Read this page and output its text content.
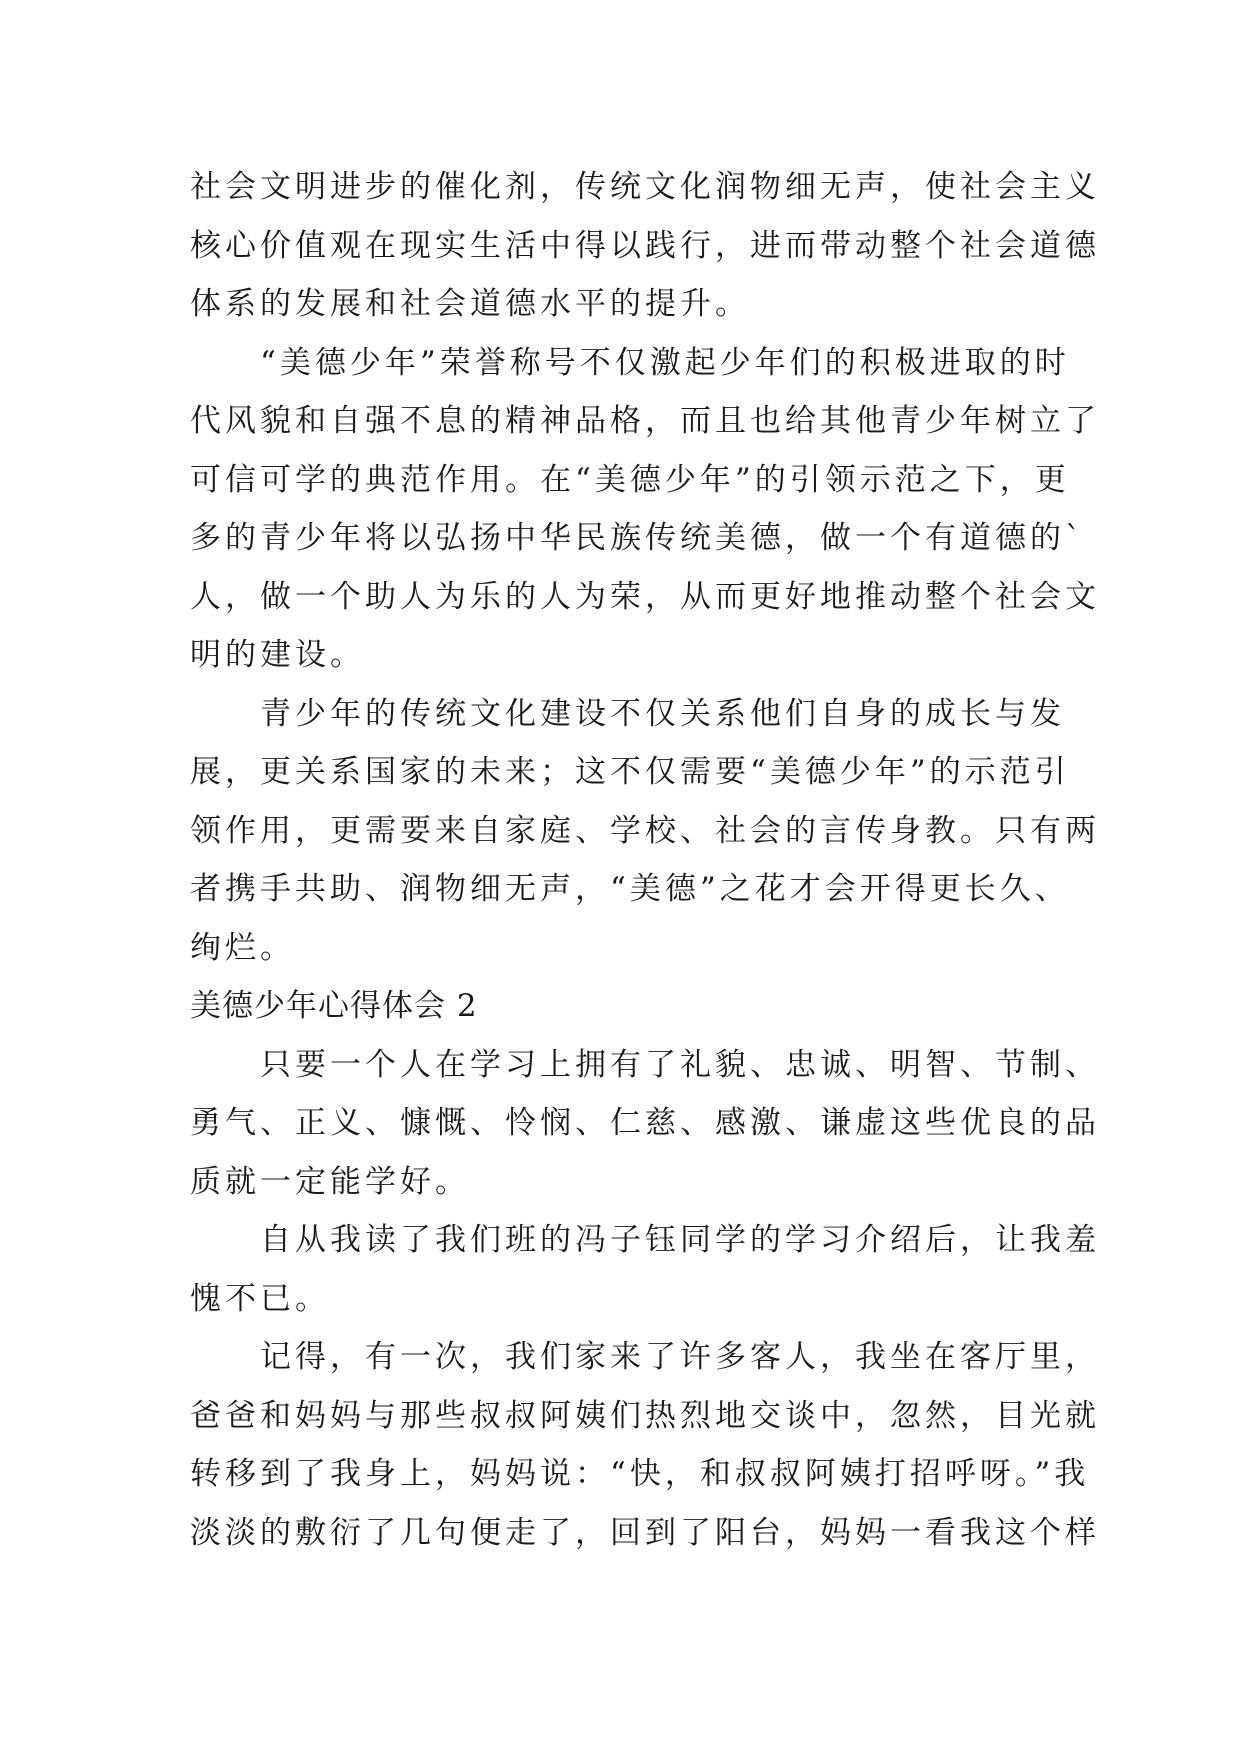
社会文明进步的催化剂，传统文化润物细无声，使社会主义
核心价值观在现实生活中得以践行，进而带动整个社会道德
体系的发展和社会道德水平的提升。
“美德少年”荣誉称号不仅激起少年们的积极进取的时
代风貌和自强不息的精神品格，而且也给其他青少年树立了
可信可学的典范作用。在“美德少年”的引领示范之下，更
多的青少年将以弘扬中华民族传统美德，做一个有道德的`
人，做一个助人为乐的人为荣，从而更好地推动整个社会文
明的建设。
青少年的传统文化建设不仅关系他们自身的成长与发
展，更关系国家的未来；这不仅需要“美德少年”的示范引
领作用，更需要来自家庭、学校、社会的言传身教。只有两
者携手共助、润物细无声，“美德”之花才会开得更长久、
绚烂。
美德少年心得体会 2
只要一个人在学习上拥有了礼貌、忠诚、明智、节制、
勇气、正义、慷慨、怜悯、仁慈、感激、谦虚这些优良的品
质就一定能学好。
自从我读了我们班的冯子钰同学的学习介绍后，让我羞
愧不已。
记得，有一次，我们家来了许多客人，我坐在客厅里，
爸爸和妈妈与那些叔叔阿姨们热烈地交谈中，忽然，目光就
转移到了我身上，妈妈说：“快，和叔叔阿姨打招呼呀。”我
淡淡的敷衍了几句便走了，回到了阳台，妈妈一看我这个样
